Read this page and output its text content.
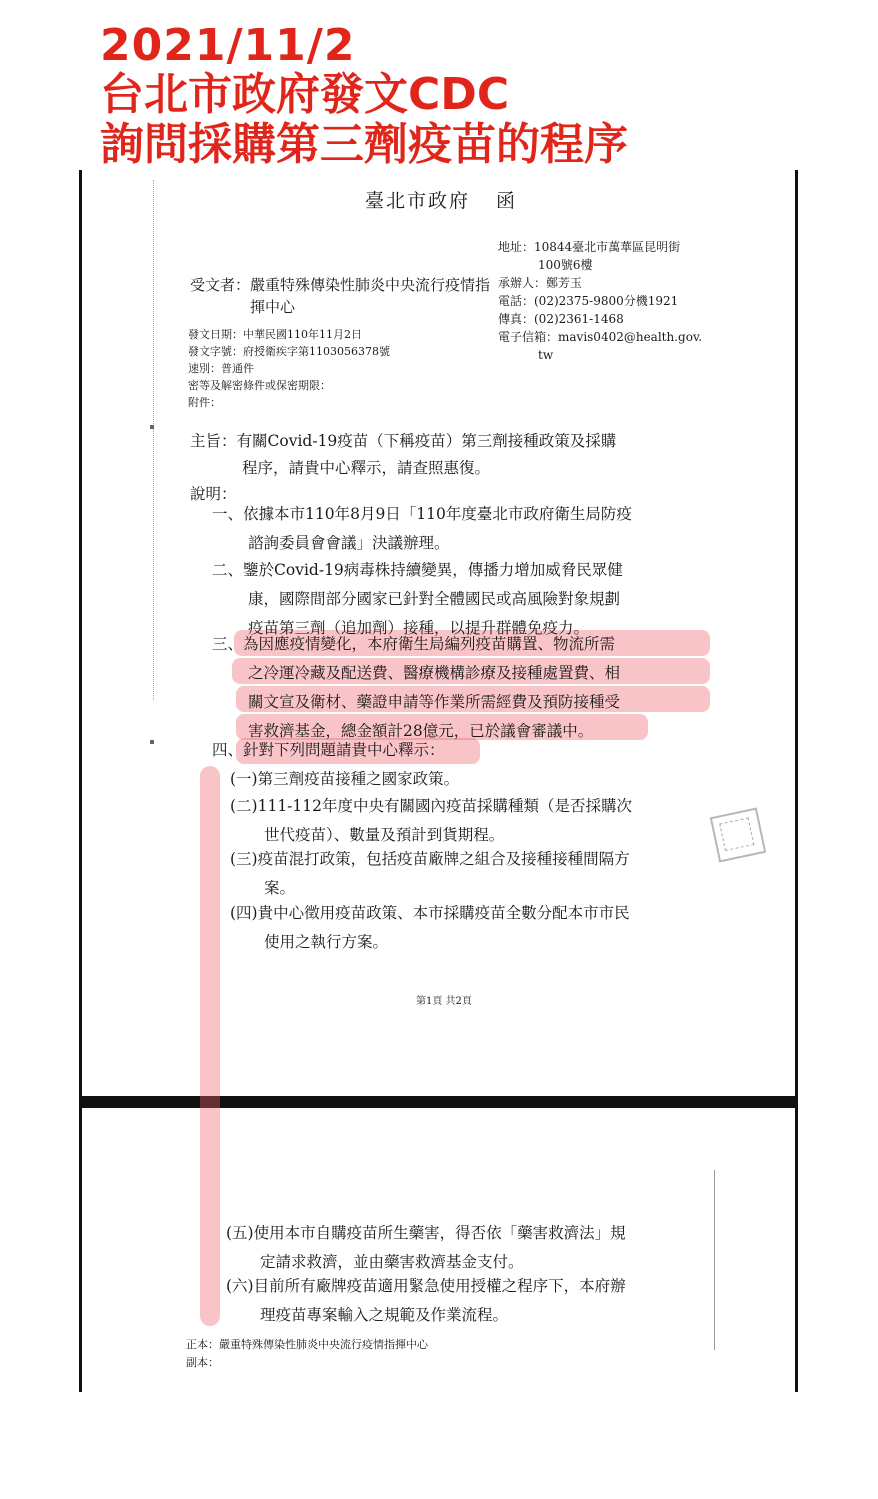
2021/11/2
台北市政府發文CDC
詢問採購第三劑疫苗的程序
臺北市政府 函
地址：10844臺北市萬華區昆明街
100號6樓
承辦人：鄭芳玉
電話：(02)2375-9800分機1921
傳真：(02)2361-1468
電子信箱：mavis0402@health.gov.
tw
受文者：嚴重特殊傳染性肺炎中央流行疫情指揮中心
發文日期：中華民國110年11月2日
發文字號：府授衛疾字第1103056378號
速別：普通件
密等及解密條件或保密期限：
附件：
主旨：有關Covid-19疫苗（下稱疫苗）第三劑接種政策及採購
程序，請貴中心釋示，請查照惠復。
說明：
一、依據本市110年8月9日「110年度臺北市政府衛生局防疫
諮詢委員會會議」決議辦理。
二、鑒於Covid-19病毒株持續變異，傳播力增加威脅民眾健
康，國際間部分國家已針對全體國民或高風險對象規劃
疫苗第三劑（追加劑）接種，以提升群體免疫力。
三、為因應疫情變化，本府衛生局編列疫苗購置、物流所需
之冷運冷藏及配送費、醫療機構診療及接種處置費、相
關文宣及衛材、藥證申請等作業所需經費及預防接種受
害救濟基金，總金額計28億元，已於議會審議中。
四、針對下列問題請貴中心釋示：
(一)第三劑疫苗接種之國家政策。
(二)111-112年度中央有關國內疫苗採購種類（是否採購次
世代疫苗）、數量及預計到貨期程。
(三)疫苗混打政策，包括疫苗廠牌之組合及接種接種間隔方
案。
(四)貴中心徵用疫苗政策、本市採購疫苗全數分配本市市民
使用之執行方案。
第1頁 共2頁
(五)使用本市自購疫苗所生藥害，得否依「藥害救濟法」規
定請求救濟，並由藥害救濟基金支付。
(六)目前所有廠牌疫苗適用緊急使用授權之程序下，本府辦
理疫苗專案輸入之規範及作業流程。
正本：嚴重特殊傳染性肺炎中央流行疫情指揮中心
副本：
